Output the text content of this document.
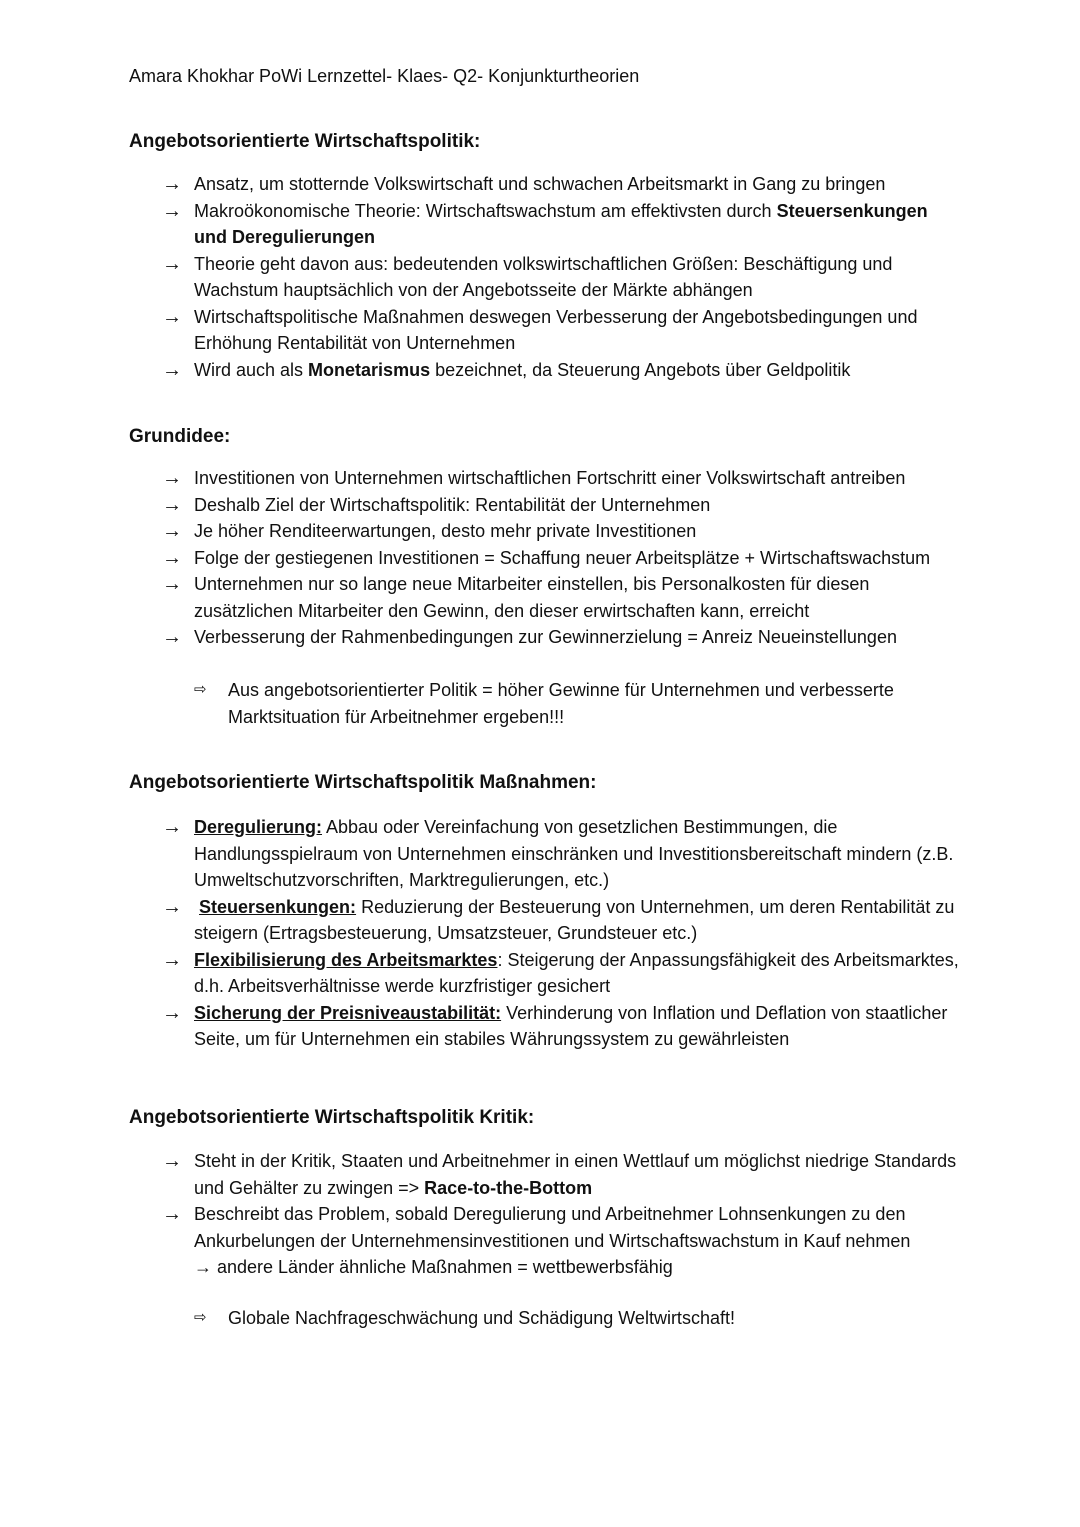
Amara Khokhar PoWi Lernzettel- Klaes- Q2- Konjunkturtheorien
Angebotsorientierte Wirtschaftspolitik:
→ Ansatz, um stotternde Volkswirtschaft und schwachen Arbeitsmarkt in Gang zu bringen
→ Makroökonomische Theorie: Wirtschaftswachstum am effektivsten durch Steuersenkungen und Deregulierungen
→ Theorie geht davon aus: bedeutenden volkswirtschaftlichen Größen: Beschäftigung und Wachstum hauptsächlich von der Angebotsseite der Märkte abhängen
→ Wirtschaftspolitische Maßnahmen deswegen Verbesserung der Angebotsbedingungen und Erhöhung Rentabilität von Unternehmen
→ Wird auch als Monetarismus bezeichnet, da Steuerung Angebots über Geldpolitik
Grundidee:
→ Investitionen von Unternehmen wirtschaftlichen Fortschritt einer Volkswirtschaft antreiben
→ Deshalb Ziel der Wirtschaftspolitik: Rentabilität der Unternehmen
→ Je höher Renditeerwartungen, desto mehr private Investitionen
→ Folge der gestiegenen Investitionen = Schaffung neuer Arbeitsplätze + Wirtschaftswachstum
→ Unternehmen nur so lange neue Mitarbeiter einstellen, bis Personalkosten für diesen zusätzlichen Mitarbeiter den Gewinn, den dieser erwirtschaften kann, erreicht
→ Verbesserung der Rahmenbedingungen zur Gewinnerzielung = Anreiz Neueinstellungen
⇨ Aus angebotsorientierter Politik = höher Gewinne für Unternehmen und verbesserte Marktsituation für Arbeitnehmer ergeben!!!
Angebotsorientierte Wirtschaftspolitik Maßnahmen:
→ Deregulierung: Abbau oder Vereinfachung von gesetzlichen Bestimmungen, die Handlungsspielraum von Unternehmen einschränken und Investitionsbereitschaft mindern (z.B. Umweltschutzvorschriften, Marktregulierungen, etc.)
→ Steuersenkungen: Reduzierung der Besteuerung von Unternehmen, um deren Rentabilität zu steigern (Ertragsbesteuerung, Umsatzsteuer, Grundsteuer etc.)
→ Flexibilisierung des Arbeitsmarktes: Steigerung der Anpassungsfähigkeit des Arbeitsmarktes, d.h. Arbeitsverhältnisse werde kurzfristiger gesichert
→ Sicherung der Preisniveaustabilität: Verhinderung von Inflation und Deflation von staatlicher Seite, um für Unternehmen ein stabiles Währungssystem zu gewährleisten
Angebotsorientierte Wirtschaftspolitik Kritik:
→ Steht in der Kritik, Staaten und Arbeitnehmer in einen Wettlauf um möglichst niedrige Standards und Gehälter zu zwingen => Race-to-the-Bottom
→ Beschreibt das Problem, sobald Deregulierung und Arbeitnehmer Lohnsenkungen zu den Ankurbelungen der Unternehmensinvestitionen und Wirtschaftswachstum in Kauf nehmen
→ andere Länder ähnliche Maßnahmen = wettbewerbsfähig
⇨ Globale Nachfrageschwächung und Schädigung Weltwirtschaft!
